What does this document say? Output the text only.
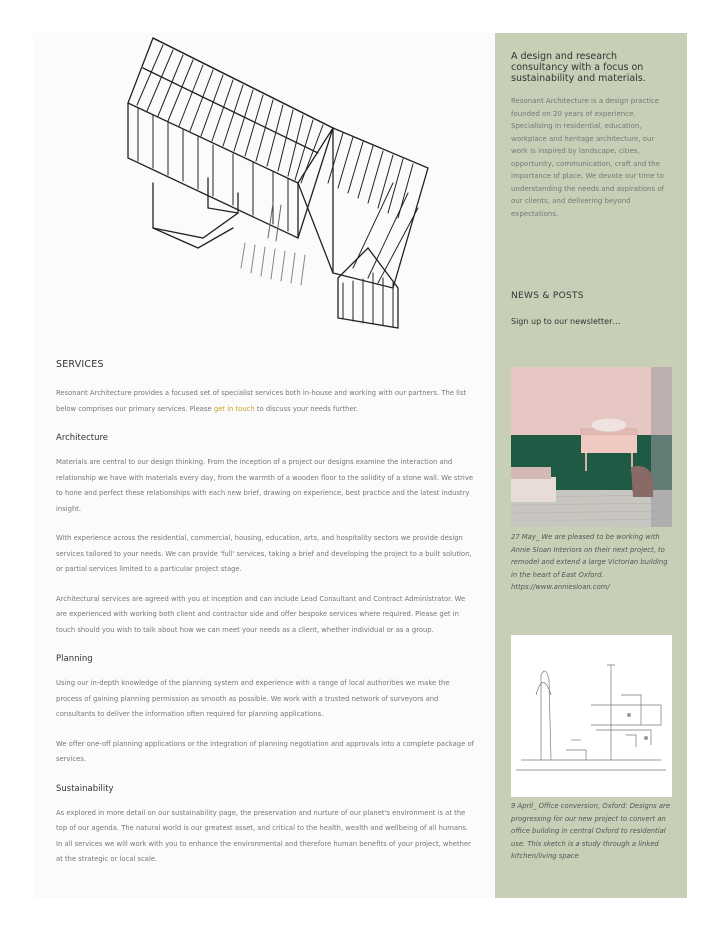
SERVICES

Resonant Architecture provides a focused set of specialist services both in-house and working with our partners. The list below comprises our primary services. Please get in touch to discuss your needs further.

Architecture

Materials are central to our design thinking. From the inception of a project our designs examine the interaction and relationship we have with materials every day, from the warmth of a wooden floor to the solidity of a stone wall. We strive to hone and perfect these relationships with each new brief, drawing on experience, best practice and the latest industry insight.

With experience across the residential, commercial, housing, education, arts, and hospitality sectors we provide design services tailored to your needs. We can provide 'full' services, taking a brief and developing the project to a built solution, or partial services limited to a particular project stage.

Architectural services are agreed with you at inception and can include Lead Consultant and Contract Administrator. We are experienced with working both client and contractor side and offer bespoke services where required. Please get in touch should you wish to talk about how we can meet your needs as a client, whether individual or as a group.

Planning

Using our in-depth knowledge of the planning system and experience with a range of local authorities we make the process of gaining planning permission as smooth as possible. We work with a trusted network of surveyors and consultants to deliver the information often required for planning applications.

We offer one-off planning applications or the integration of planning negotiation and approvals into a complete package of services.

Sustainability

As explored in more detail on our sustainability page, the preservation and nurture of our planet's environment is at the top of our agenda. The natural world is our greatest asset, and critical to the health, wealth and wellbeing of all humans. In all services we will work with you to enhance the environmental and therefore human benefits of your project, whether at the strategic or local scale.

A design and research consultancy with a focus on sustainability and materials.

Resonant Architecture is a design practice founded on 20 years of experience. Specialising in residential, education, workplace and heritage architecture, our work is inspired by landscape, cities, opportunity, communication, craft and the importance of place. We devote our time to understanding the needs and aspirations of our clients, and delivering beyond expectations.

NEWS & POSTS
Sign up to our newsletter…
27 May_ We are pleased to be working with Annie Sloan Interiors on their next project, to remodel and extend a large Victorian building in the heart of East Oxford. https://www.anniesloan.com/
9 April_ Office conversion, Oxford: Designs are progressing for our new project to convert an office building in central Oxford to residential use. This sketch is a study through a linked kitchen/living space
